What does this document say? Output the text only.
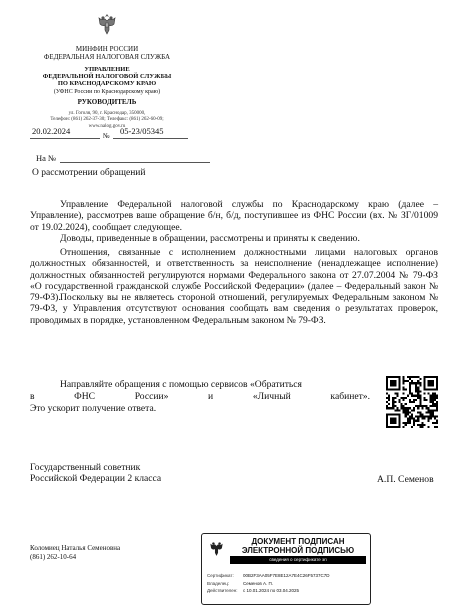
МИНФИН РОССИИ
ФЕДЕРАЛЬНАЯ НАЛОГОВАЯ СЛУЖБА
УПРАВЛЕНИЕ
ФЕДЕРАЛЬНОЙ НАЛОГОВОЙ СЛУЖБЫ
ПО КРАСНОДАРСКОМУ КРАЮ
(УФНС России по Краснодарскому краю)
РУКОВОДИТЕЛЬ
ул. Гоголя, 90, г. Краснодар, 350000,
Телефон: (861) 262-37-30; Телефакс: (861) 262-60-09;
www.nalog.gov.ru
20.02.2024	№ 05-23/05345
На №
О рассмотрении обращений
Управление Федеральной налоговой службы по Краснодарскому краю (далее – Управление), рассмотрев ваше обращение б/н, б/д, поступившее из ФНС России (вх. № ЗГ/01009 от 19.02.2024), сообщает следующее.
Доводы, приведенные в обращении, рассмотрены и приняты к сведению.
Отношения, связанные с исполнением должностными лицами налоговых органов должностных обязанностей, и ответственность за неисполнение (ненадлежащее исполнение) должностных обязанностей регулируются нормами Федерального закона от 27.07.2004 № 79-ФЗ «О государственной гражданской службе Российской Федерации» (далее – Федеральный закон № 79-ФЗ). Поскольку вы не являетесь стороной отношений, регулируемых Федеральным законом № 79-ФЗ, у Управления отсутствуют основания сообщать вам сведения о результатах проверок, проводимых в порядке, установленном Федеральным законом № 79-ФЗ.
Направляйте обращения с помощью сервисов «Обратиться
в	ФНС	России»	и	«Личный	кабинет».
Это ускорит получение ответа.
Государственный советник
Российской Федерации 2 класса	А.П. Семенов
Коломиец Наталья Семеновна
(861) 262-10-64
ДОКУМЕНТ ПОДПИСАН
ЭЛЕКТРОННОЙ ПОДПИСЬЮ
сведения о сертификате эп
Сертификат:	00B2F3AA05F7E8E12A7E4C26F5737C7D
Владелец:	Семенов А. П.
Действителен:	с 10.01.2024 по 03.04.2025
